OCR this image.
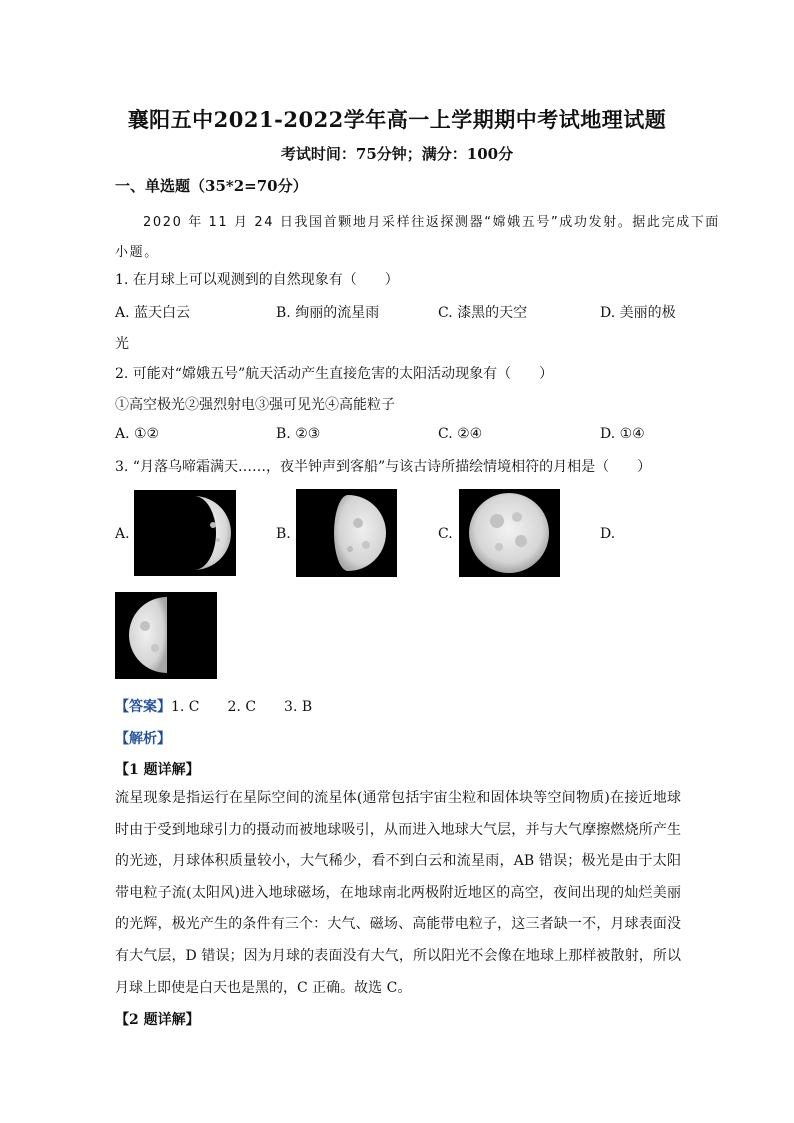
襄阳五中2021-2022学年高一上学期期中考试地理试题
考试时间：75分钟；满分：100分
一、单选题（35*2=70分）
2020 年 11 月 24 日我国首颗地月采样往返探测器“嫦娥五号”成功发射。据此完成下面
小题。
1. 在月球上可以观测到的自然现象有（　　）
A. 蓝天白云	B. 绚丽的流星雨	C. 漆黑的天空	D. 美丽的极
光
2. 可能对“嫦娥五号”航天活动产生直接危害的太阳活动现象有（　　）
①高空极光②强烈射电③强可见光④高能粒子
A. ①②	B. ②③	C. ②④	D. ①④
3. “月落乌啼霜满天……，夜半钟声到客船”与该古诗所描绘情境相符的月相是（　　）
A.	B.	C.	D.
【答案】1. C　　2. C　　3. B
【解析】
【1 题详解】
流星现象是指运行在星际空间的流星体(通常包括宇宙尘粒和固体块等空间物质)在接近地球时由于受到地球引力的摄动而被地球吸引，从而进入地球大气层，并与大气摩擦燃烧所产生的光迹，月球体积质量较小，大气稀少，看不到白云和流星雨，AB 错误；极光是由于太阳带电粒子流(太阳风)进入地球磁场，在地球南北两极附近地区的高空，夜间出现的灿烂美丽的光辉，极光产生的条件有三个：大气、磁场、高能带电粒子，这三者缺一不，月球表面没有大气层，D 错误；因为月球的表面没有大气，所以阳光不会像在地球上那样被散射，所以月球上即使是白天也是黑的，C 正确。故选 C。
【2 题详解】
